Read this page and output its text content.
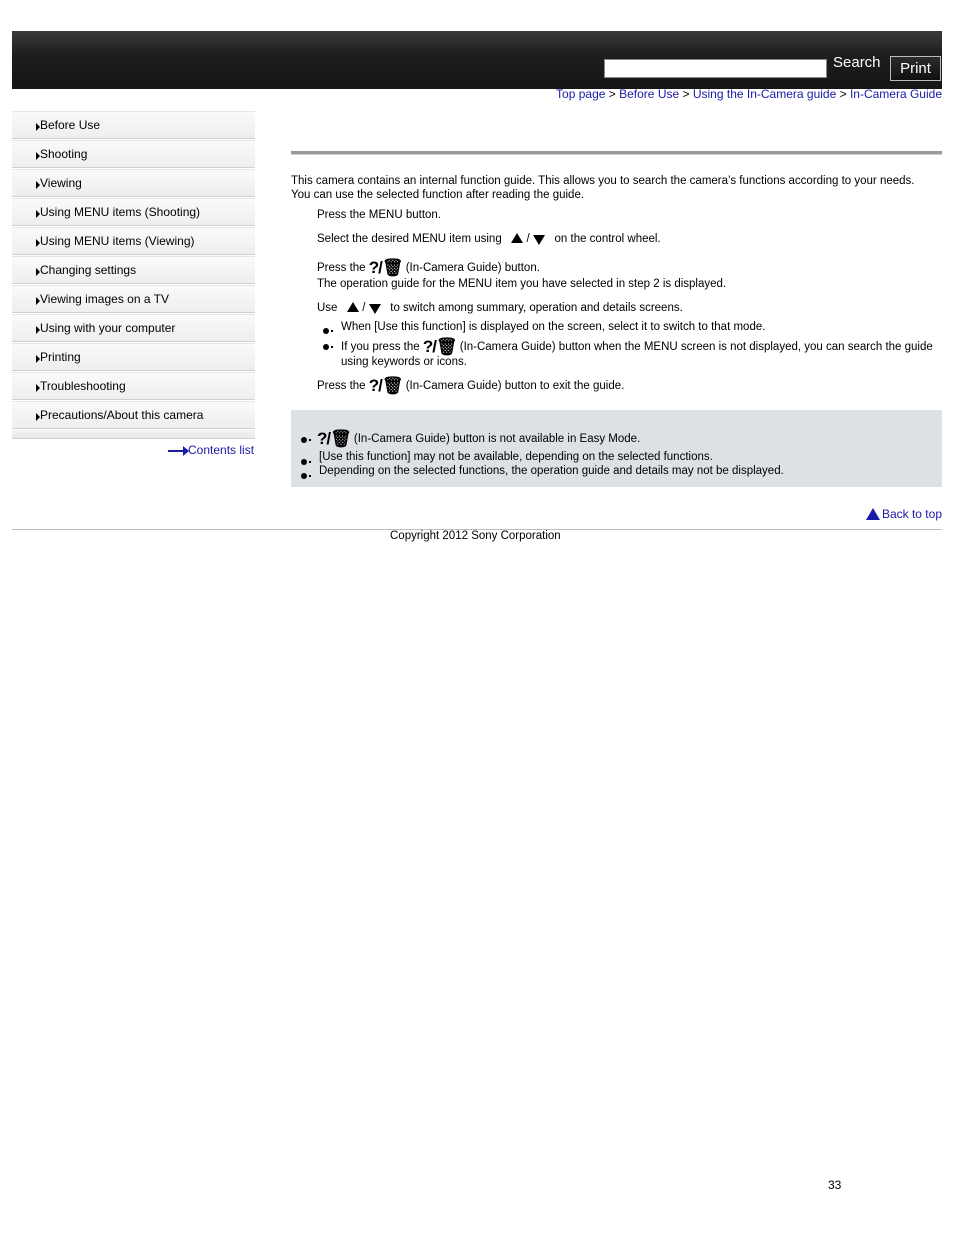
Search	Print
Top page > Before Use > Using the In-Camera guide > In-Camera Guide
Before Use
Shooting
Viewing
Using MENU items (Shooting)
Using MENU items (Viewing)
Changing settings
Viewing images on a TV
Using with your computer
Printing
Troubleshooting
Precautions/About this camera
Contents list
This camera contains an internal function guide. This allows you to search the camera’s functions according to your needs.
You can use the selected function after reading the guide.
Press the MENU button.
Select the desired MENU item using / on the control wheel.
Press the ?/🗑 (In-Camera Guide) button.
The operation guide for the MENU item you have selected in step 2 is displayed.
Use / to switch among summary, operation and details screens.
When [Use this function] is displayed on the screen, select it to switch to that mode.
If you press the ?/🗑 (In-Camera Guide) button when the MENU screen is not displayed, you can search the guide
using keywords or icons.
Press the ?/🗑 (In-Camera Guide) button to exit the guide.
?/🗑 (In-Camera Guide) button is not available in Easy Mode.
[Use this function] may not be available, depending on the selected functions.
Depending on the selected functions, the operation guide and details may not be displayed.
Back to top
Copyright 2012 Sony Corporation
33
